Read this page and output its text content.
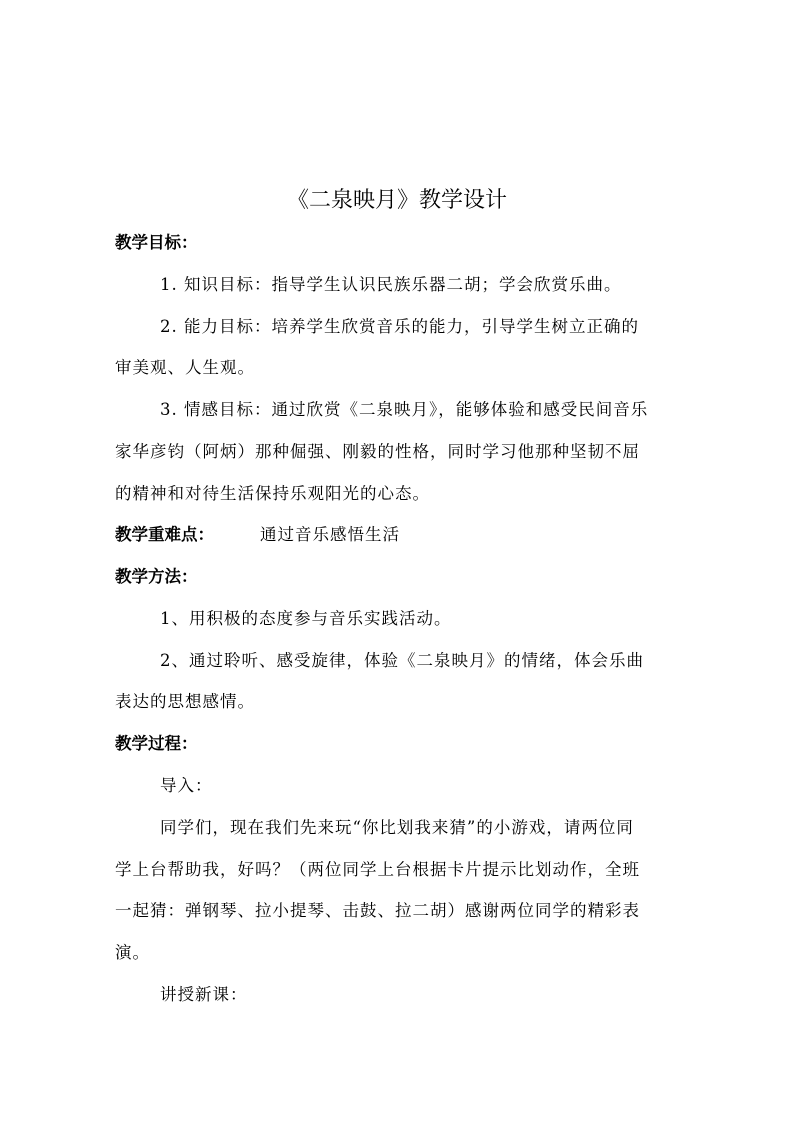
《二泉映月》教学设计
教学目标：
1. 知识目标：指导学生认识民族乐器二胡；学会欣赏乐曲。
2. 能力目标：培养学生欣赏音乐的能力，引导学生树立正确的
审美观、人生观。
3. 情感目标：通过欣赏《二泉映月》，能够体验和感受民间音乐
家华彦钧（阿炳）那种倔强、刚毅的性格，同时学习他那种坚韧不屈
的精神和对待生活保持乐观阳光的心态。
教学重难点：	通过音乐感悟生活
教学方法：
1、用积极的态度参与音乐实践活动。
2、通过聆听、感受旋律，体验《二泉映月》的情绪，体会乐曲
表达的思想感情。
教学过程：
导入：
同学们，现在我们先来玩“你比划我来猜”的小游戏，请两位同
学上台帮助我，好吗？（两位同学上台根据卡片提示比划动作，全班
一起猜：弹钢琴、拉小提琴、击鼓、拉二胡）感谢两位同学的精彩表
演。
讲授新课：
